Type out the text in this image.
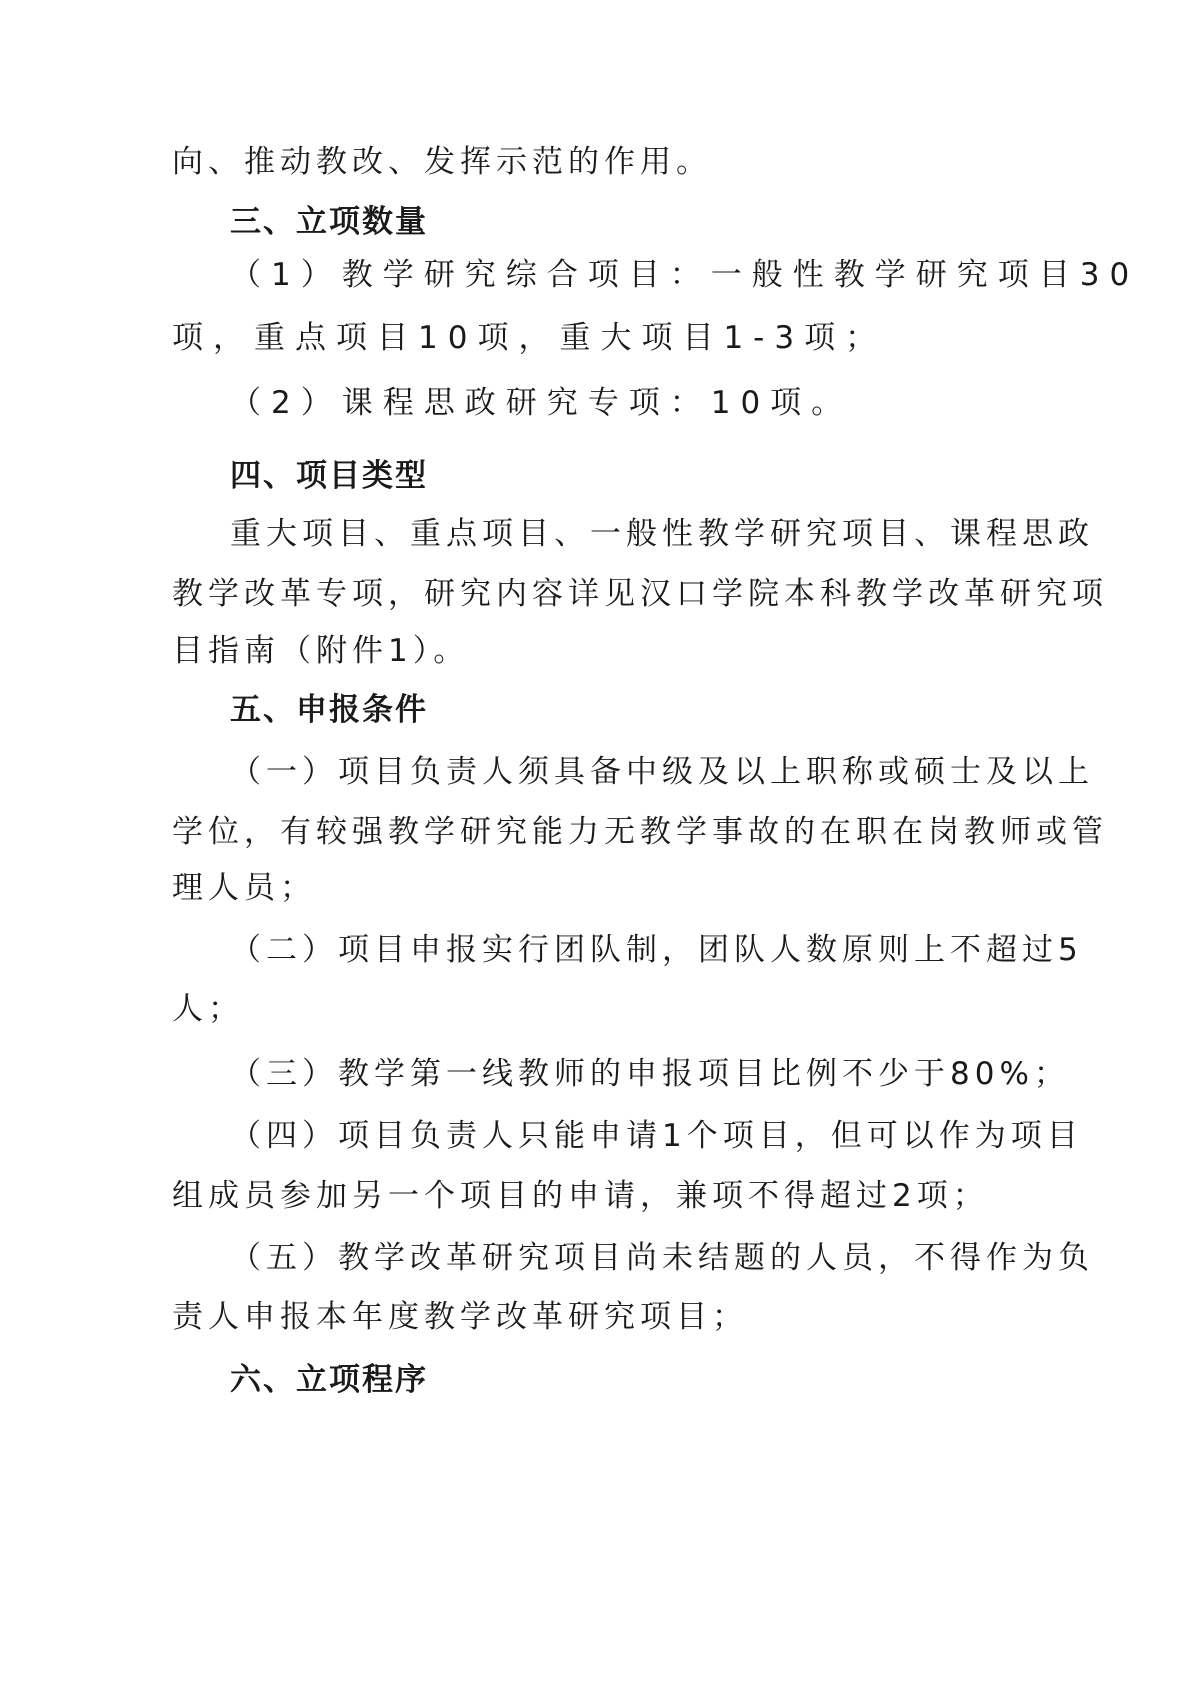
向、推动教改、发挥示范的作用。
三、立项数量
（1）教学研究综合项目：一般性教学研究项目30
项，重点项目10项，重大项目1-3项；
（2）课程思政研究专项：10项。
四、项目类型
重大项目、重点项目、一般性教学研究项目、课程思政
教学改革专项，研究内容详见汉口学院本科教学改革研究项
目指南（附件1）。
五、申报条件
（一）项目负责人须具备中级及以上职称或硕士及以上
学位，有较强教学研究能力无教学事故的在职在岗教师或管
理人员；
（二）项目申报实行团队制，团队人数原则上不超过5
人；
（三）教学第一线教师的申报项目比例不少于80%；
（四）项目负责人只能申请1个项目，但可以作为项目
组成员参加另一个项目的申请，兼项不得超过2项；
（五）教学改革研究项目尚未结题的人员，不得作为负
责人申报本年度教学改革研究项目；
六、立项程序
